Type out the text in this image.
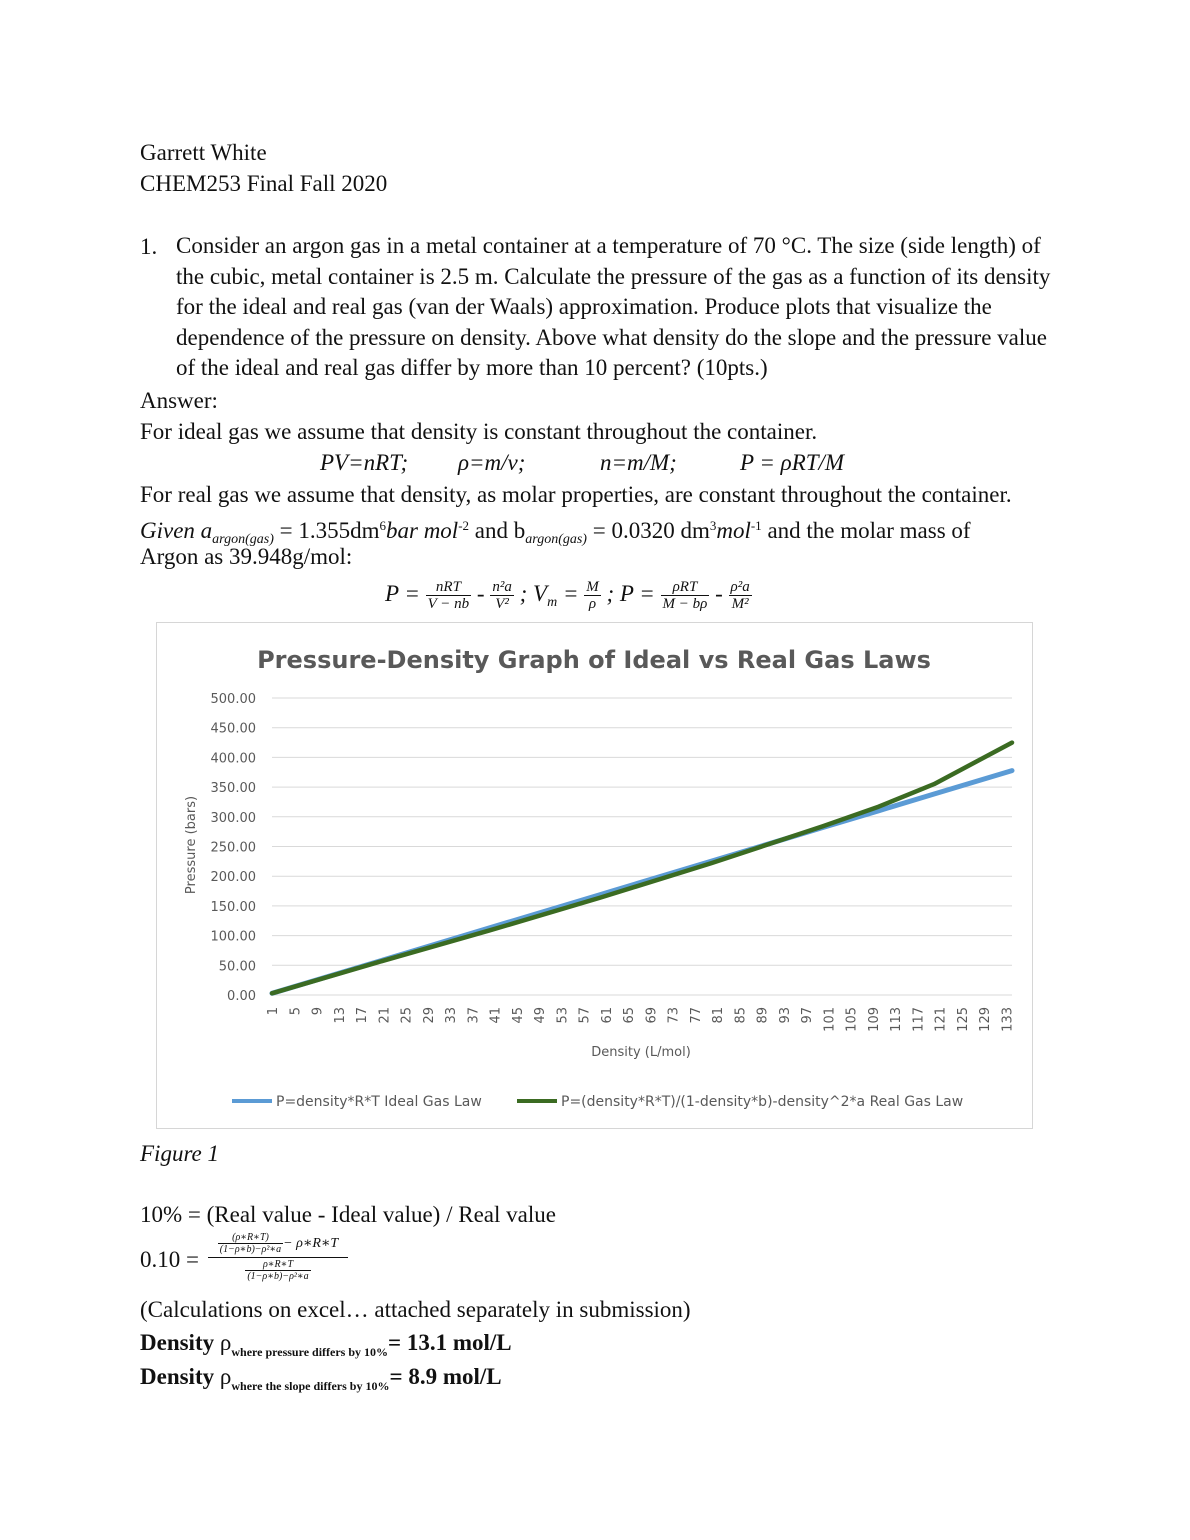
Garrett White
CHEM253 Final Fall 2020
1. Consider an argon gas in a metal container at a temperature of 70 °C. The size (side length) of the cubic, metal container is 2.5 m. Calculate the pressure of the gas as a function of its density for the ideal and real gas (van der Waals) approximation. Produce plots that visualize the dependence of the pressure on density. Above what density do the slope and the pressure value of the ideal and real gas differ by more than 10 percent? (10pts.)
Answer:
For ideal gas we assume that density is constant throughout the container.
PV=nRT; ρ=m/v;	n=m/M;	P = ρRT/M
For real gas we assume that density, as molar properties, are constant throughout the container.
Given $a_{argon(gas)} = 1.355dm^6bar$ mol$^{-2}$ and $b_{argon(gas)} = 0.0320$ $dm^3mol^{-1}$ and the molar mass of
Argon as 39.948g/mol:
$P = \frac{\text{nRT}}{V - nb} - \frac{\text{n²a}}{\text{V²}}$ ; $V_m = \frac{M}{\rho}$ ; $P = \frac{\text{ρRT}}{M - b\rho} - \frac{\text{ρ²a}}{\text{M²}}$
Pressure-Density Graph of Ideal vs Real Gas Laws
0.00
50.00
100.00
150.00
200.00
250.00
300.00
350.00
400.00
450.00
500.00
1 5 9 13 17 21 25 29 33 37 41 45 49 53 57 61 65 69 73 77 81 85 89 93 97 101 105 109 113 117 121 125 129 133
Pressure (bars)
Density (L/mol)
P=density*R*T Ideal Gas Law	P=(density*R*T)/(1-density*b)-density^2*a Real Gas Law
Figure 1
10% = (Real value - Ideal value) / Real value
0.10 =
$\frac{(\rho∗R∗T)}{\text{(1−ρ∗b)−ρ²∗a}}$ − ρ∗R∗T
$\frac{\rho∗R∗T}{\text{(1−ρ∗b)−ρ²∗a}}$
(Calculations on excel… attached separately in submission)
Density $\rho_{where pressure differs by 10\%}= 13.1$ mol/L
Density $\rho_{where the slope differs by 10\%}= 8.9$ mol/L
